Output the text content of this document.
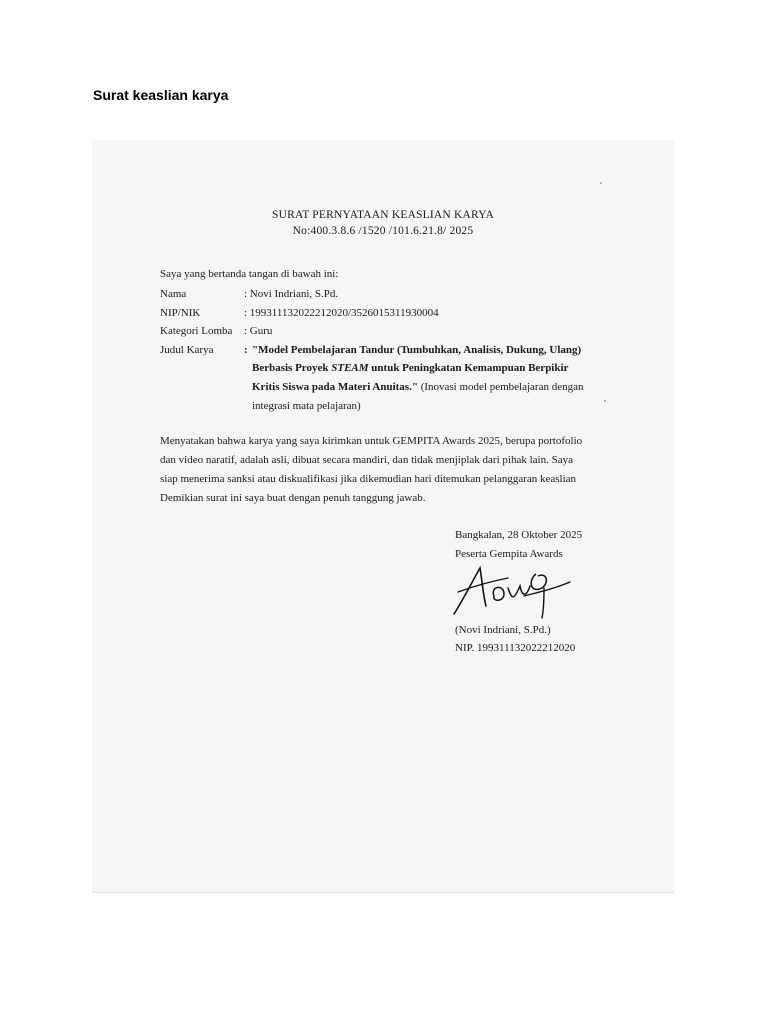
Surat keaslian karya
SURAT PERNYATAAN KEASLIAN KARYA
No:400.3.8.6 /1520 /101.6.21.8/ 2025
Saya yang bertanda tangan di bawah ini:
Nama	: Novi Indriani, S.Pd.
NIP/NIK	: 199311132022212020/3526015311930004
Kategori Lomba : Guru
Judul Karya	: "Model Pembelajaran Tandur (Tumbuhkan, Analisis, Dukung, Ulang)
Berbasis Proyek STEAM untuk Peningkatan Kemampuan Berpikir
Kritis Siswa pada Materi Anuitas." (Inovasi model pembelajaran dengan
integrasi mata pelajaran)
Menyatakan bahwa karya yang saya kirimkan untuk GEMPITA Awards 2025, berupa portofolio
dan video naratif, adalah asli, dibuat secara mandiri, dan tidak menjiplak dari pihak lain. Saya
siap menerima sanksi atau diskualifikasi jika dikemudian hari ditemukan pelanggaran keaslian
Demikian surat ini saya buat dengan penuh tanggung jawab.
Bangkalan, 28 Oktober 2025
Peserta Gempita Awards
(Novi Indriani, S.Pd.)
NIP. 199311132022212020
